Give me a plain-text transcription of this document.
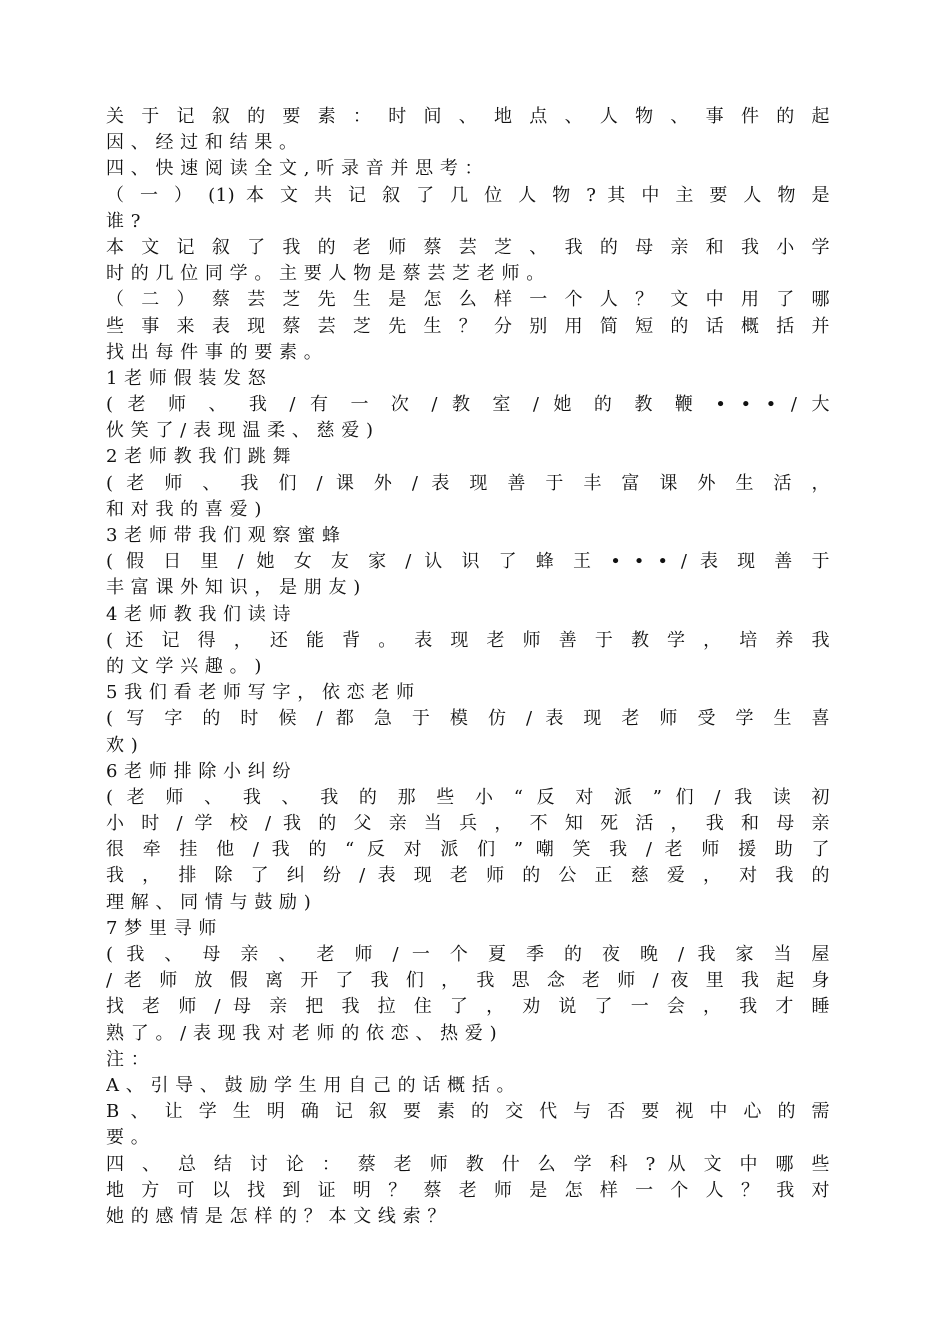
关 于 记 叙 的 要 素 ： 时 间 、 地 点 、 人 物 、 事 件 的 起
因 、 经 过 和 结 果 。
四 、 快 速 阅 读 全 文 , 听 录 音 并 思 考 ：
（ 一 ） (1) 本 文 共 记 叙 了 几 位 人 物 ? 其 中 主 要 人 物 是
谁 ?
本 文 记 叙 了 我 的 老 师 蔡 芸 芝 、 我 的 母 亲 和 我 小 学
时 的 几 位 同 学 。 主 要 人 物 是 蔡 芸 芝 老 师 。
（ 二 ） 蔡 芸 芝 先 生 是 怎 么 样 一 个 人 ？ 文 中 用 了 哪
些 事 来 表 现 蔡 芸 芝 先 生 ？ 分 别 用 简 短 的 话 概 括 并
找 出 每 件 事 的 要 素 。
1 老 师 假 装 发 怒
( 老 师 、 我 / 有 一 次 / 教 室 / 她 的 教 鞭 • • • / 大
伙 笑 了 / 表 现 温 柔 、 慈 爱 )
2 老 师 教 我 们 跳 舞
( 老 师 、 我 们 / 课 外 / 表 现 善 于 丰 富 课 外 生 活 ，
和 对 我 的 喜 爱 )
3 老 师 带 我 们 观 察 蜜 蜂
( 假 日 里 / 她 女 友 家 / 认 识 了 蜂 王 • • • / 表 现 善 于
丰 富 课 外 知 识 ， 是 朋 友 )
4 老 师 教 我 们 读 诗
( 还 记 得 ， 还 能 背 。 表 现 老 师 善 于 教 学 ， 培 养 我
的 文 学 兴 趣 。 )
5 我 们 看 老 师 写 字 ， 依 恋 老 师
( 写 字 的 时 候 / 都 急 于 模 仿 / 表 现 老 师 受 学 生 喜
欢 )
6 老 师 排 除 小 纠 纷
( 老 师 、 我 、 我 的 那 些 小 “ 反 对 派 ” 们 / 我 读 初
小 时 / 学 校 / 我 的 父 亲 当 兵 ， 不 知 死 活 ， 我 和 母 亲
很 牵 挂 他 / 我 的 “ 反 对 派 们 ” 嘲 笑 我 / 老 师 援 助 了
我 ， 排 除 了 纠 纷 / 表 现 老 师 的 公 正 慈 爱 ， 对 我 的
理 解 、 同 情 与 鼓 励 )
7 梦 里 寻 师
( 我 、 母 亲 、 老 师 / 一 个 夏 季 的 夜 晚 / 我 家 当 屋
/ 老 师 放 假 离 开 了 我 们 ， 我 思 念 老 师 / 夜 里 我 起 身
找 老 师 / 母 亲 把 我 拉 住 了 ， 劝 说 了 一 会 ， 我 才 睡
熟 了 。 / 表 现 我 对 老 师 的 依 恋 、 热 爱 )
注 ：
A 、 引 导 、 鼓 励 学 生 用 自 己 的 话 概 括 。
B 、 让 学 生 明 确 记 叙 要 素 的 交 代 与 否 要 视 中 心 的 需
要 。
四 、 总 结 讨 论 ： 蔡 老 师 教 什 么 学 科 ? 从 文 中 哪 些
地 方 可 以 找 到 证 明 ？ 蔡 老 师 是 怎 样 一 个 人 ？ 我 对
她 的 感 情 是 怎 样 的 ？ 本 文 线 索 ？
